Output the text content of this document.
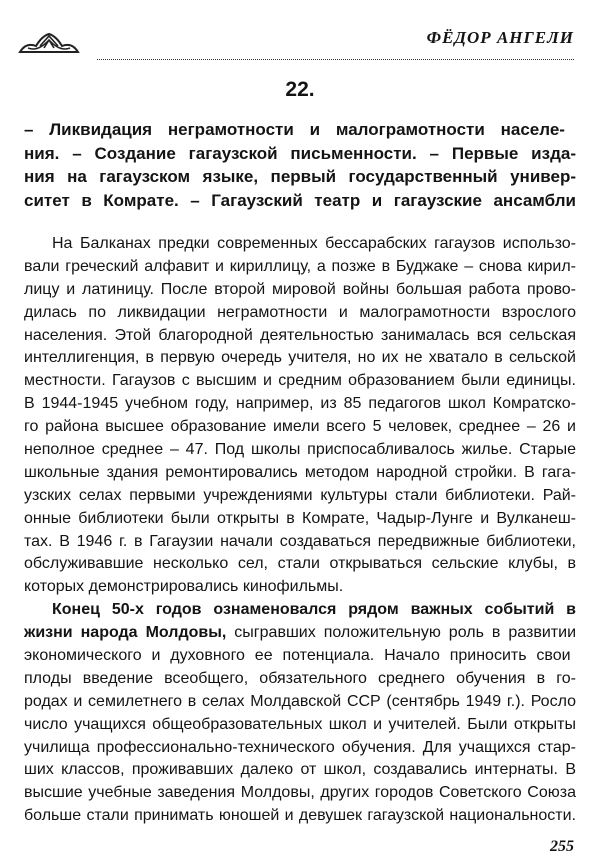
ФЁДОР АНГЕЛИ
22.
– Ликвидация неграмотности и малограмотности населе-
ния. – Создание гагаузской письменности. – Первые изда-
ния на гагаузском языке, первый государственный универ-
ситет в Комрате. – Гагаузский театр и гагаузские ансамбли
На Балканах предки современных бессарабских гагаузов использо-
вали греческий алфавит и кириллицу, а позже в Буджаке – снова кирил-
лицу и латиницу. После второй мировой войны большая работа прово-
дилась по ликвидации неграмотности и малограмотности взрослого
населения. Этой благородной деятельностью занималась вся сельская
интеллигенция, в первую очередь учителя, но их не хватало в сельской
местности. Гагаузов с высшим и средним образованием были единицы.
В 1944-1945 учебном году, например, из 85 педагогов школ Комратско-
го района высшее образование имели всего 5 человек, среднее – 26 и
неполное среднее – 47. Под школы приспосабливалось жилье. Старые
школьные здания ремонтировались методом народной стройки. В гага-
узских селах первыми учреждениями культуры стали библиотеки. Рай-
онные библиотеки были открыты в Комрате, Чадыр-Лунге и Вулканеш-
тах. В 1946 г. в Гагаузии начали создаваться передвижные библиотеки,
обслуживавшие несколько сел, стали открываться сельские клубы, в
которых демонстрировались кинофильмы.
Конец 50-х годов ознаменовался рядом важных событий в
жизни народа Молдовы, сыгравших положительную роль в развитии
экономического и духовного ее потенциала. Начало приносить свои
плоды введение всеобщего, обязательного среднего обучения в го-
родах и семилетнего в селах Молдавской ССР (сентябрь 1949 г.). Росло
число учащихся общеобразовательных школ и учителей. Были открыты
училища профессионально-технического обучения. Для учащихся стар-
ших классов, проживавших далеко от школ, создавались интернаты. В
высшие учебные заведения Молдовы, других городов Советского Союза
больше стали принимать юношей и девушек гагаузской национальности.
255
